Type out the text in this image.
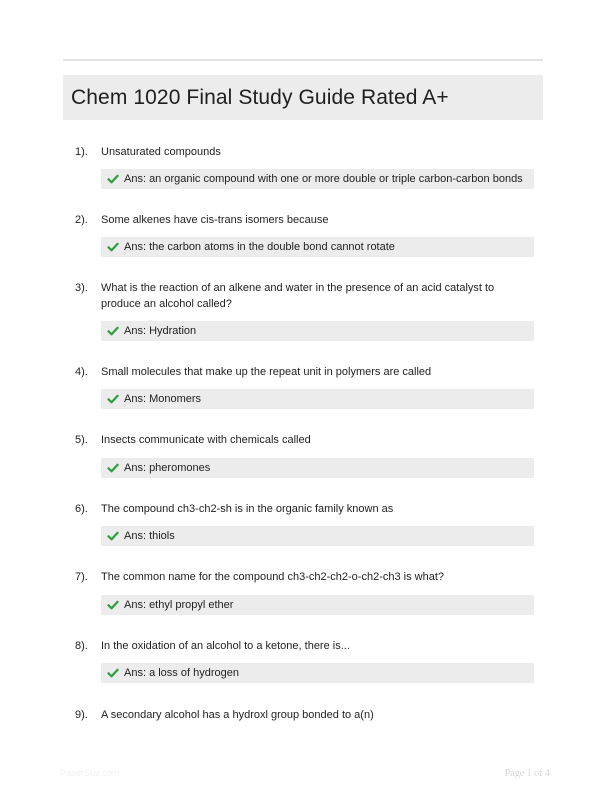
Chem 1020 Final Study Guide Rated A+
1). Unsaturated compounds
Ans: an organic compound with one or more double or triple carbon-carbon bonds
2). Some alkenes have cis-trans isomers because
Ans: the carbon atoms in the double bond cannot rotate
3). What is the reaction of an alkene and water in the presence of an acid catalyst to produce an alcohol called?
Ans: Hydration
4). Small molecules that make up the repeat unit in polymers are called
Ans: Monomers
5). Insects communicate with chemicals called
Ans: pheromones
6). The compound ch3-ch2-sh is in the organic family known as
Ans: thiols
7). The common name for the compound ch3-ch2-ch2-o-ch2-ch3 is what?
Ans: ethyl propyl ether
8). In the oxidation of an alcohol to a ketone, there is...
Ans: a loss of hydrogen
9). A secondary alcohol has a hydroxl group bonded to a(n)
PaperStar.com	Page 1 of 4
